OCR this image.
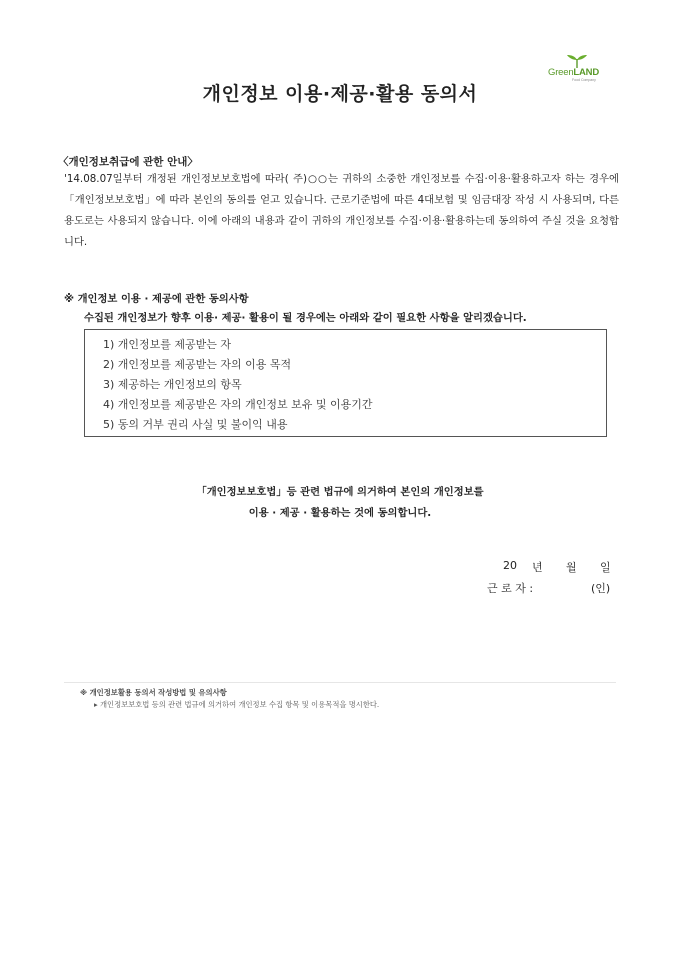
GreenLAND
Food Company
개인정보 이용·제공·활용 동의서
〈개인정보취급에 관한 안내〉
'14.08.07일부터 개정된 개인정보보호법에 따라( 주)○○는 귀하의 소중한 개인정보를 수집·이용·활용하고자 하는 경우에「개인정보보호법」에 따라 본인의 동의를 얻고 있습니다. 근로기준법에 따른 4대보험 및 임금대장 작성 시 사용되며, 다른 용도로는 사용되지 않습니다. 이에 아래의 내용과 같이 귀하의 개인정보를 수집·이용·활용하는데 동의하여 주실 것을 요청합니다.
※ 개인정보 이용 · 제공에 관한 동의사항
수집된 개인정보가 향후 이용· 제공· 활용이 될 경우에는 아래와 같이 필요한 사항을 알리겠습니다.
1) 개인정보를 제공받는 자
2) 개인정보를 제공받는 자의 이용 목적
3) 제공하는 개인정보의 항목
4) 개인정보를 제공받은 자의 개인정보 보유 및 이용기간
5) 동의 거부 권리 사실 및 불이익 내용
「개인정보보호법」등 관련 법규에 의거하여 본인의 개인정보를
이용 · 제공 · 활용하는 것에 동의합니다.
20 년 월 일
근 로 자 :	(인)
※ 개인정보활용 동의서 작성방법 및 유의사항
▸ 개인정보보호법 등의 관련 법규에 의거하여 개인정보 수집 항목 및 이용목적을 명시한다.
